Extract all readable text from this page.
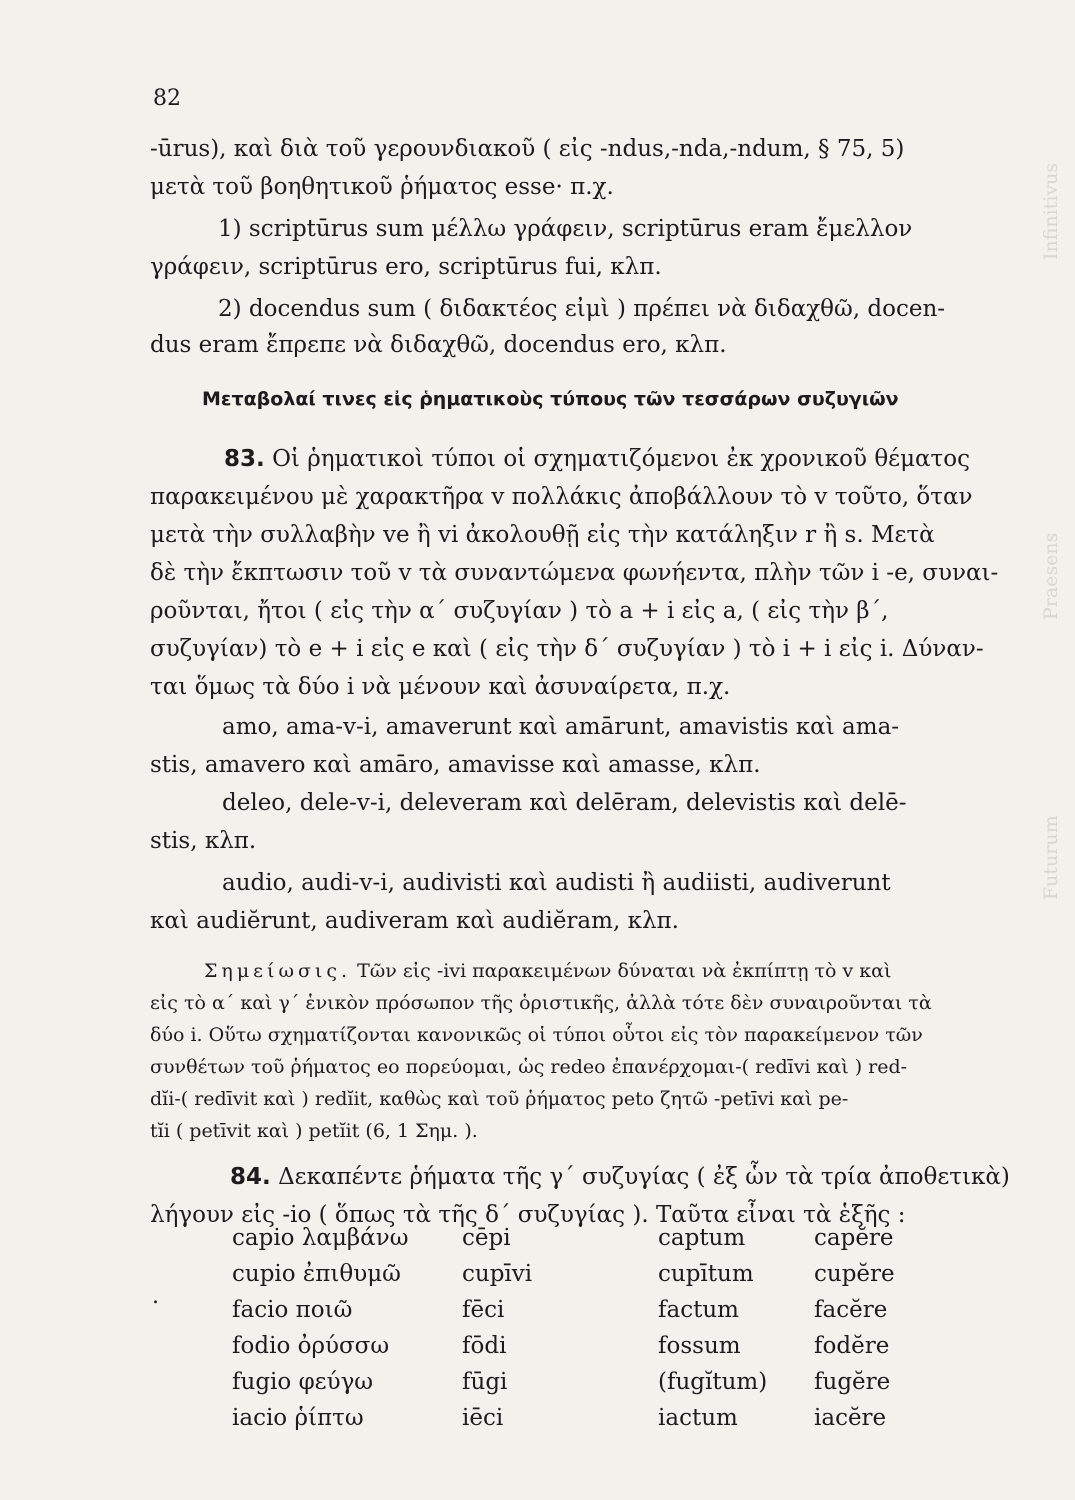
Infinitivus
Praesens
Futurum
82
-ūrus), καὶ διὰ τοῦ γερουνδιακοῦ ( εἰς -ndus,-nda,-ndum, § 75, 5)
μετὰ τοῦ βοηθητικοῦ ῥήματος esse· π.χ.
1) scriptūrus sum μέλλω γράφειν, scriptūrus eram ἔμελλον
γράφειν, scriptūrus ero, scriptūrus fui, κλπ.
2) docendus sum ( διδακτέος εἰμὶ ) πρέπει νὰ διδαχθῶ, docen-
dus eram ἔπρεπε νὰ διδαχθῶ, docendus ero, κλπ.
Μεταβολαί τινες εἰς ῥηματικοὺς τύπους τῶν τεσσάρων συζυγιῶν
83. Οἱ ῥηματικοὶ τύποι οἱ σχηματιζόμενοι ἐκ χρονικοῦ θέματος
παρακειμένου μὲ χαρακτῆρα v πολλάκις ἀποβάλλουν τὸ v τοῦτο, ὅταν
μετὰ τὴν συλλαβὴν ve ἢ vi ἀκολουθῇ εἰς τὴν κατάληξιν r ἢ s. Μετὰ
δὲ τὴν ἔκπτωσιν τοῦ v τὰ συναντώμενα φωνήεντα, πλὴν τῶν i -e, συναι-
ροῦνται, ἤτοι ( εἰς τὴν α΄ συζυγίαν ) τὸ a + i εἰς a, ( εἰς τὴν β΄,
συζυγίαν) τὸ e + i εἰς e καὶ ( εἰς τὴν δ΄ συζυγίαν ) τὸ i + i εἰς i. Δύναν-
ται ὅμως τὰ δύο i νὰ μένουν καὶ ἀσυναίρετα, π.χ.
amo, ama-v-i, amaverunt καὶ amārunt, amavistis καὶ ama-
stis, amavero καὶ amāro, amavisse καὶ amasse, κλπ.
deleo, dele-v-i, deleveram καὶ delēram, delevistis καὶ delē-
stis, κλπ.
audio, audi-v-i, audivisti καὶ audisti ἢ audiisti, audiverunt
καὶ audiĕrunt, audiveram καὶ audiĕram, κλπ.
Σημείωσις. Τῶν εἰς -ivi παρακειμένων δύναται νὰ ἐκπίπτῃ τὸ v καὶ
εἰς τὸ α΄ καὶ γ΄ ἑνικὸν πρόσωπον τῆς ὁριστικῆς, ἀλλὰ τότε δὲν συναιροῦνται τὰ
δύο i. Οὕτω σχηματίζονται κανονικῶς οἱ τύποι οὗτοι εἰς τὸν παρακείμενον τῶν
συνθέτων τοῦ ῥήματος eo πορεύομαι, ὡς redeo ἐπανέρχομαι-( redīvi καὶ ) red-
dĭi-( redīvit καὶ ) redĭit, καθὼς καὶ τοῦ ῥήματος peto ζητῶ -petīvi καὶ pe-
tĭi ( petīvit καὶ ) petĭit (6, 1 Σημ. ).
84. Δεκαπέντε ῥήματα τῆς γ΄ συζυγίας ( ἐξ ὧν τὰ τρία ἀποθετικὰ)
λήγουν εἰς -io ( ὅπως τὰ τῆς δ΄ συζυγίας ). Ταῦτα εἶναι τὰ ἑξῆς :
.
capio λαμβάνω	cēpi	captum	capĕre
cupio ἐπιθυμῶ	cupīvi	cupītum	cupĕre
facio ποιῶ	fēci	factum	facĕre
fodio ὀρύσσω	fōdi	fossum	fodĕre
fugio φεύγω	fūgi	(fugĭtum)	fugĕre
iacio ῥίπτω	iēci	iactum	iacĕre
